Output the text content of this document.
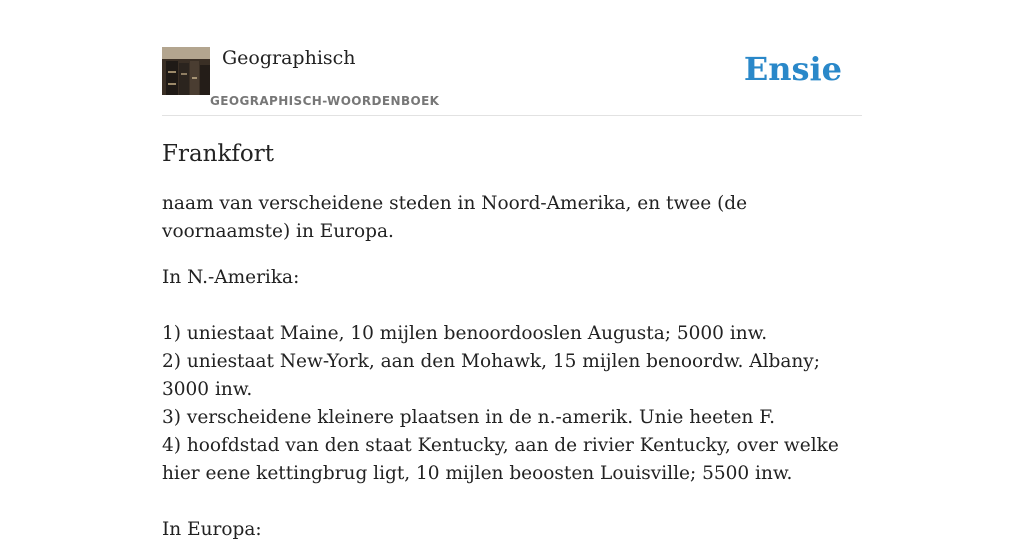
Geographisch
GEOGRAPHISCH-WOORDENBOEK
Ensie
Frankfort

naam van verscheidene steden in Noord-Amerika, en twee (de voornaamste) in Europa.

In N.-Amerika:

1) uniestaat Maine, 10 mijlen benoordooslen Augusta; 5000 inw.
2) uniestaat New-York, aan den Mohawk, 15 mijlen benoordw. Albany; 3000 inw.
3) verscheidene kleinere plaatsen in de n.-amerik. Unie heeten F.
4) hoofdstad van den staat Kentucky, aan de rivier Kentucky, over welke hier eene kettingbrug ligt, 10 mijlen beoosten Louisville; 5500 inw.

In Europa:
